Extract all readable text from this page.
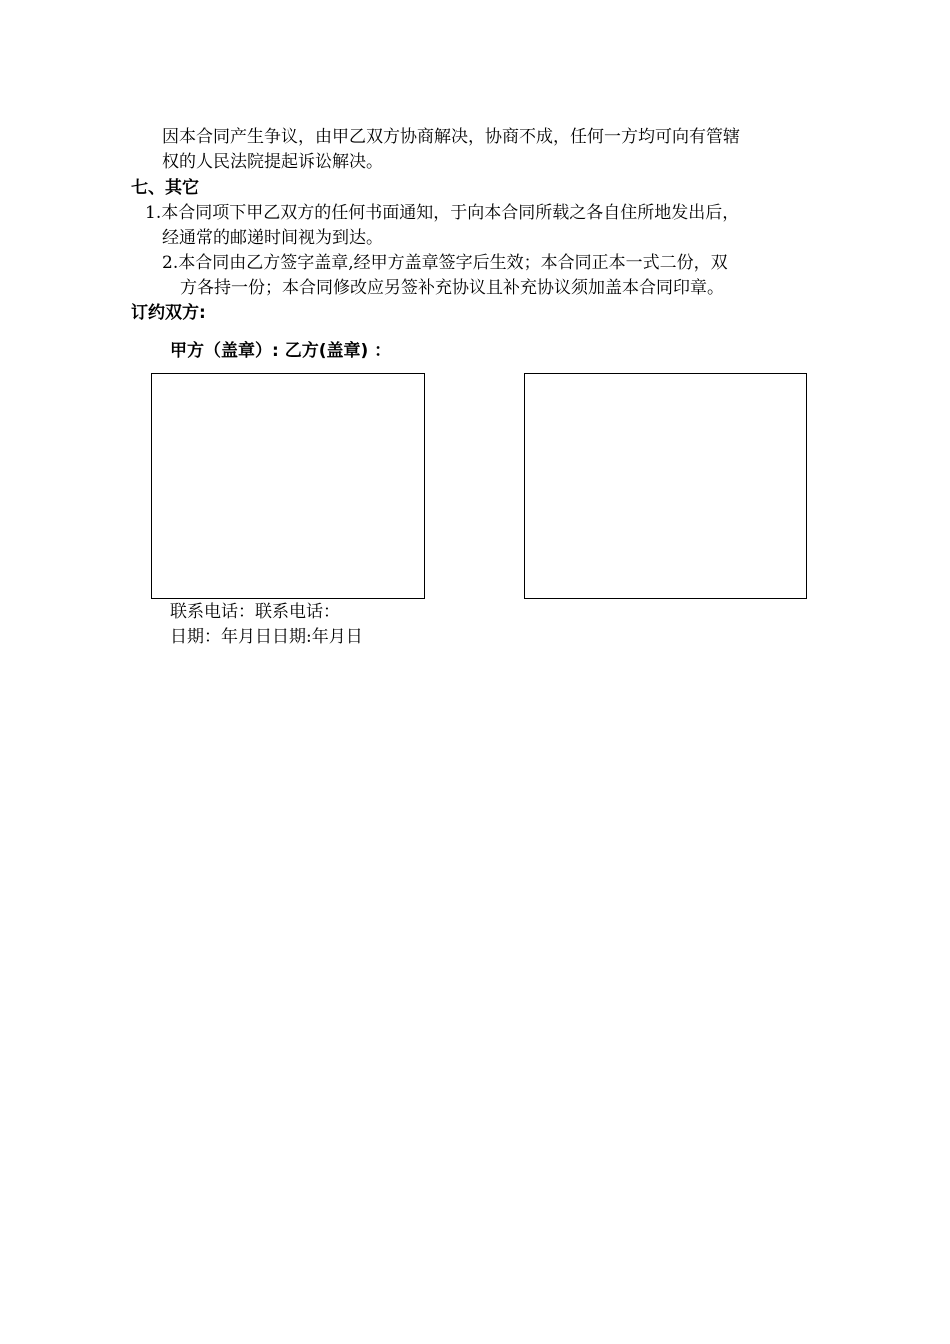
因本合同产生争议，由甲乙双方协商解决，协商不成，任何一方均可向有管辖
权的人民法院提起诉讼解决。
七、其它
1.本合同项下甲乙双方的任何书面通知，于向本合同所载之各自住所地发出后，
经通常的邮递时间视为到达。
2.本合同由乙方签字盖章,经甲方盖章签字后生效；本合同正本一式二份，双
方各持一份；本合同修改应另签补充协议且补充协议须加盖本合同印章。
订约双方:
甲方（盖章）: 乙方(盖章) ：
联系电话：联系电话：
日期：年月日日期:年月日
